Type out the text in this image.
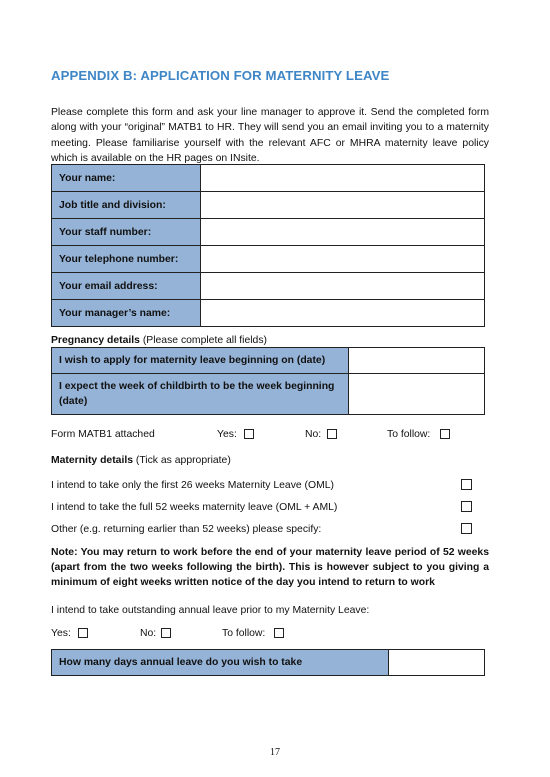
APPENDIX B: APPLICATION FOR MATERNITY LEAVE

Please complete this form and ask your line manager to approve it. Send the completed form along with your “original” MATB1 to HR. They will send you an email inviting you to a maternity meeting. Please familiarise yourself with the relevant AFC or MHRA maternity leave policy which is available on the HR pages on INsite.

Your name:	
Job title and division:	
Your staff number:	
Your telephone number:	
Your email address:	
Your manager’s name:	

Pregnancy details (Please complete all fields)

I wish to apply for maternity leave beginning on (date)	
I expect the week of childbirth to be the week beginning (date)	
Form MATB1 attached	Yes:	No:	To follow:

Maternity details (Tick as appropriate)

I intend to take only the first 26 weeks Maternity Leave (OML)
I intend to take the full 52 weeks maternity leave (OML + AML)
Other (e.g. returning earlier than 52 weeks) please specify:

Note: You may return to work before the end of your maternity leave period of 52 weeks (apart from the two weeks following the birth). This is however subject to you giving a minimum of eight weeks written notice of the day you intend to return to work

I intend to take outstanding annual leave prior to my Maternity Leave:
Yes:	No:	To follow:
How many days annual leave do you wish to take	
17
